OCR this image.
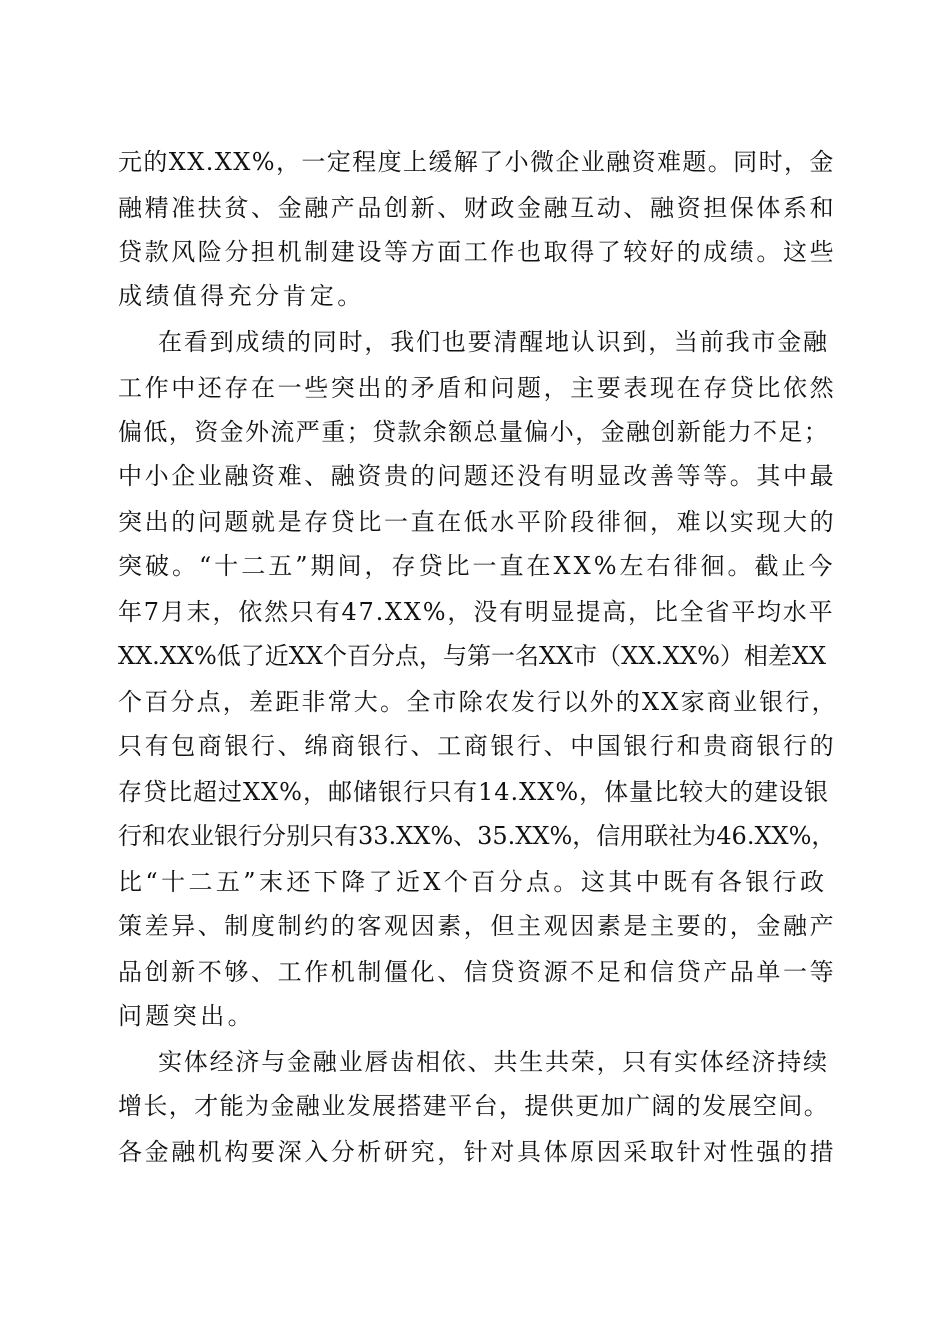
元的XX.XX%，一定程度上缓解了小微企业融资难题。同时，金
融精准扶贫、金融产品创新、财政金融互动、融资担保体系和
贷款风险分担机制建设等方面工作也取得了较好的成绩。这些
成绩值得充分肯定。
在看到成绩的同时，我们也要清醒地认识到，当前我市金融
工作中还存在一些突出的矛盾和问题，主要表现在存贷比依然
偏低，资金外流严重；贷款余额总量偏小，金融创新能力不足；
中小企业融资难、融资贵的问题还没有明显改善等等。其中最
突出的问题就是存贷比一直在低水平阶段徘徊，难以实现大的
突破。“十二五”期间，存贷比一直在XX%左右徘徊。截止今
年7月末，依然只有47.XX%，没有明显提高，比全省平均水平
XX.XX%低了近XX个百分点，与第一名XX市（XX.XX%）相差XX
个百分点，差距非常大。全市除农发行以外的XX家商业银行，
只有包商银行、绵商银行、工商银行、中国银行和贵商银行的
存贷比超过XX%，邮储银行只有14.XX%，体量比较大的建设银
行和农业银行分别只有33.XX%、35.XX%，信用联社为46.XX%，
比“十二五”末还下降了近X个百分点。这其中既有各银行政
策差异、制度制约的客观因素，但主观因素是主要的，金融产
品创新不够、工作机制僵化、信贷资源不足和信贷产品单一等
问题突出。
实体经济与金融业唇齿相依、共生共荣，只有实体经济持续
增长，才能为金融业发展搭建平台，提供更加广阔的发展空间。
各金融机构要深入分析研究，针对具体原因采取针对性强的措
